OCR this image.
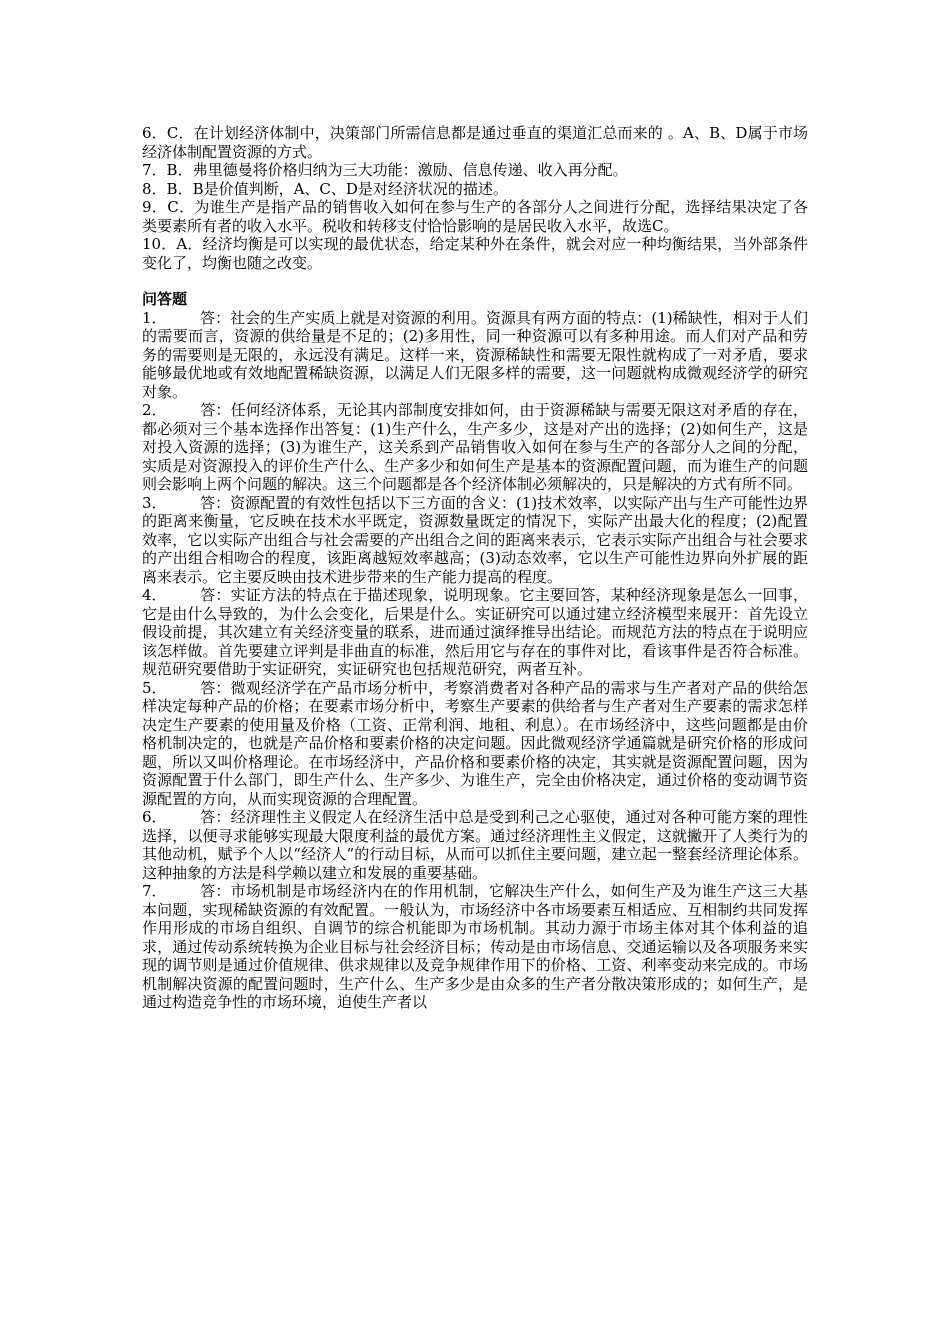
6．C．在计划经济体制中，决策部门所需信息都是通过垂直的渠道汇总而来的 。A、B、D属于市场经济体制配置资源的方式。
7．B．弗里德曼将价格归纳为三大功能：激励、信息传递、收入再分配。
8．B．B是价值判断，A、C、D是对经济状况的描述。
9．C．为谁生产是指产品的销售收入如何在参与生产的各部分人之间进行分配，选择结果决定了各类要素所有者的收入水平。税收和转移支付恰恰影响的是居民收入水平，故选C。
10．A．经济均衡是可以实现的最优状态，给定某种外在条件，就会对应一种均衡结果，当外部条件变化了，均衡也随之改变。
问答题
1． 答：社会的生产实质上就是对资源的利用。资源具有两方面的特点：(1)稀缺性，相对于人们的需要而言，资源的供给量是不足的；(2)多用性，同一种资源可以有多种用途。而人们对产品和劳务的需要则是无限的，永远没有满足。这样一来，资源稀缺性和需要无限性就构成了一对矛盾，要求能够最优地或有效地配置稀缺资源，以满足人们无限多样的需要，这一问题就构成微观经济学的研究对象。
2． 答：任何经济体系，无论其内部制度安排如何，由于资源稀缺与需要无限这对矛盾的存在，都必须对三个基本选择作出答复：(1)生产什么，生产多少，这是对产出的选择；(2)如何生产，这是对投入资源的选择；(3)为谁生产，这关系到产品销售收入如何在参与生产的各部分人之间的分配，实质是对资源投入的评价生产什么、生产多少和如何生产是基本的资源配置问题，而为谁生产的问题则会影响上两个问题的解决。这三个问题都是各个经济体制必须解决的，只是解决的方式有所不同。
3． 答：资源配置的有效性包括以下三方面的含义：(1)技术效率，以实际产出与生产可能性边界的距离来衡量，它反映在技术水平既定，资源数量既定的情况下，实际产出最大化的程度；(2)配置效率，它以实际产出组合与社会需要的产出组合之间的距离来表示，它表示实际产出组合与社会要求的产出组合相吻合的程度，该距离越短效率越高；(3)动态效率，它以生产可能性边界向外扩展的距离来表示。它主要反映由技术进步带来的生产能力提高的程度。
4． 答：实证方法的特点在于描述现象，说明现象。它主要回答，某种经济现象是怎么一回事，它是由什么导致的，为什么会变化，后果是什么。实证研究可以通过建立经济模型来展开：首先设立假设前提，其次建立有关经济变量的联系，进而通过演绎推导出结论。而规范方法的特点在于说明应该怎样做。首先要建立评判是非曲直的标准，然后用它与存在的事件对比，看该事件是否符合标准。规范研究要借助于实证研究，实证研究也包括规范研究，两者互补。
5． 答：微观经济学在产品市场分析中，考察消费者对各种产品的需求与生产者对产品的供给怎样决定每种产品的价格；在要素市场分析中，考察生产要素的供给者与生产者对生产要素的需求怎样决定生产要素的使用量及价格（工资、正常利润、地租、利息）。在市场经济中，这些问题都是由价格机制决定的，也就是产品价格和要素价格的决定问题。因此微观经济学通篇就是研究价格的形成问题，所以又叫价格理论。在市场经济中，产品价格和要素价格的决定，其实就是资源配置问题，因为资源配置于什么部门，即生产什么、生产多少、为谁生产，完全由价格决定，通过价格的变动调节资源配置的方向，从而实现资源的合理配置。
6． 答：经济理性主义假定人在经济生活中总是受到利己之心驱使，通过对各种可能方案的理性选择，以便寻求能够实现最大限度利益的最优方案。通过经济理性主义假定，这就撇开了人类行为的其他动机，赋予个人以“经济人”的行动目标，从而可以抓住主要问题，建立起一整套经济理论体系。这种抽象的方法是科学赖以建立和发展的重要基础。
7． 答：市场机制是市场经济内在的作用机制，它解决生产什么，如何生产及为谁生产这三大基本问题，实现稀缺资源的有效配置。一般认为，市场经济中各市场要素互相适应、互相制约共同发挥作用形成的市场自组织、自调节的综合机能即为市场机制。其动力源于市场主体对其个体利益的追求，通过传动系统转换为企业目标与社会经济目标；传动是由市场信息、交通运输以及各项服务来实现的调节则是通过价值规律、供求规律以及竞争规律作用下的价格、工资、利率变动来完成的。市场机制解决资源的配置问题时，生产什么、生产多少是由众多的生产者分散决策形成的；如何生产，是通过构造竞争性的市场环境，迫使生产者以
